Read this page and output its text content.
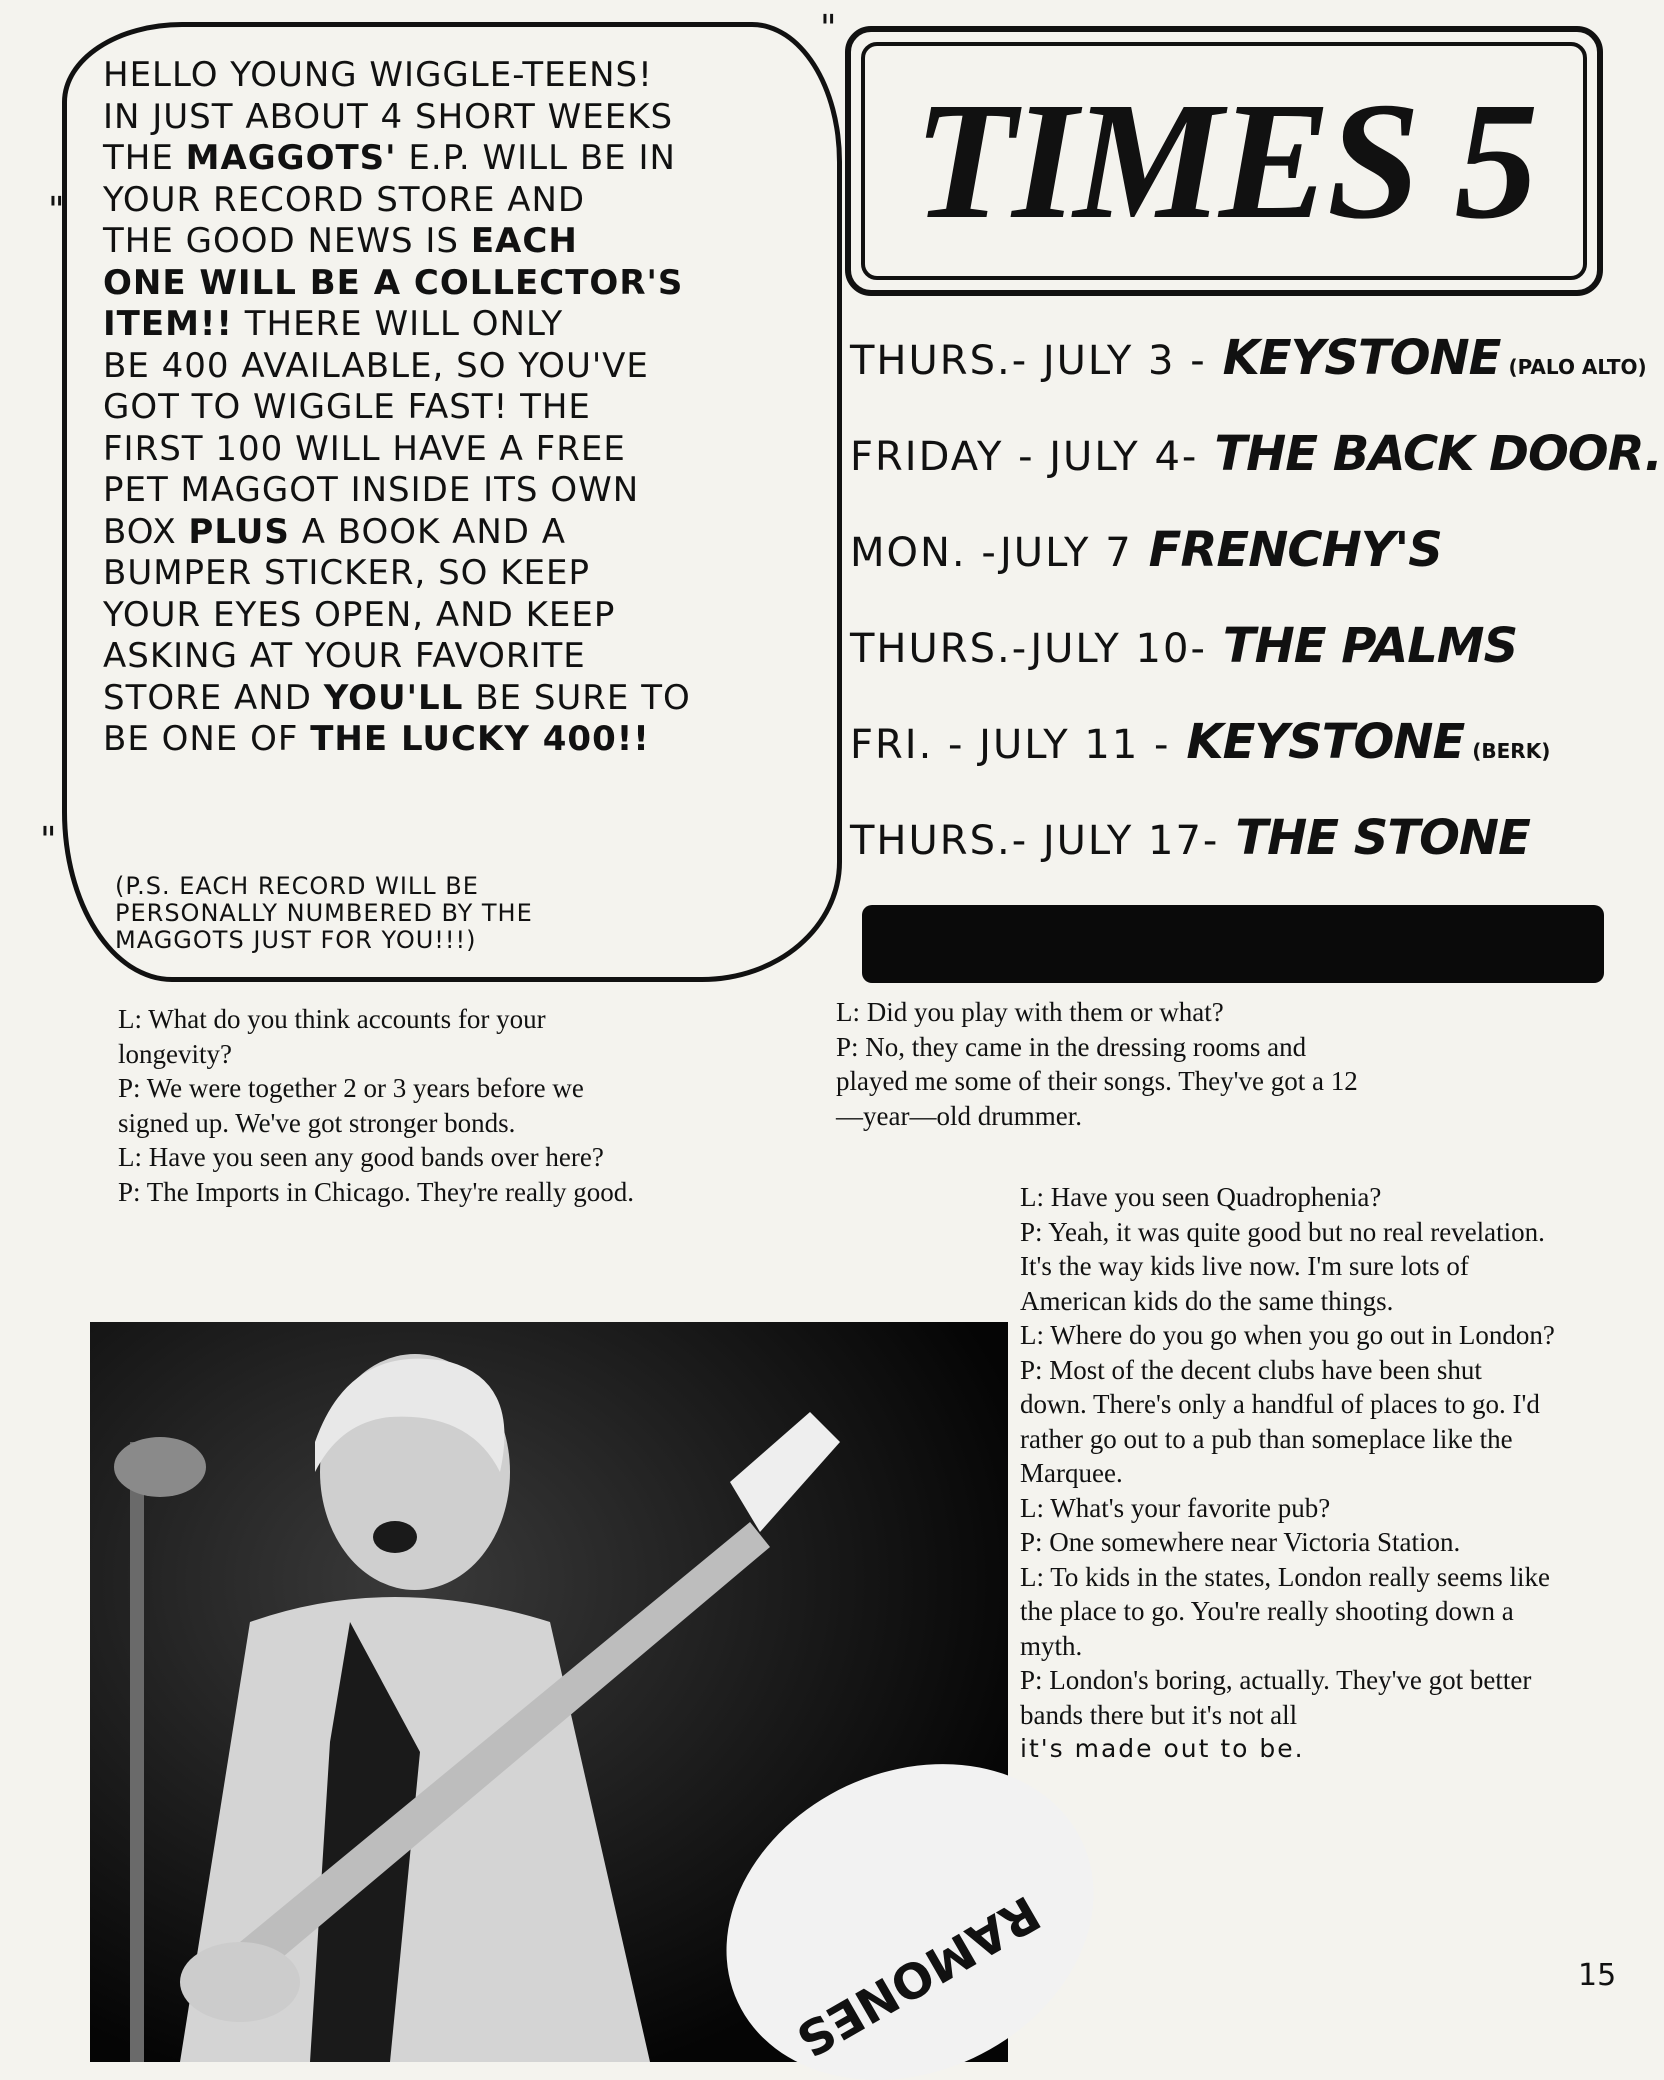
HELLO YOUNG WIGGLE-TEENS!
IN JUST ABOUT 4 SHORT WEEKS
THE MAGGOTS' E.P. WILL BE IN
YOUR RECORD STORE AND
THE GOOD NEWS IS EACH
ONE WILL BE A COLLECTOR'S
ITEM!! THERE WILL ONLY
BE 400 AVAILABLE, SO YOU'VE
GOT TO WIGGLE FAST! THE
FIRST 100 WILL HAVE A FREE
PET MAGGOT INSIDE ITS OWN
BOX PLUS A BOOK AND A
BUMPER STICKER, SO KEEP
YOUR EYES OPEN, AND KEEP
ASKING AT YOUR FAVORITE
STORE AND YOU'LL BE SURE TO
BE ONE OF THE LUCKY 400!!
(P.S. EACH RECORD WILL BE
PERSONALLY NUMBERED BY THE
MAGGOTS JUST FOR YOU!!!)
"
"
"
TIMES 5
THURS.- JULY 3 - KEYSTONE (PALO ALTO)
FRIDAY - JULY 4- THE BACK DOOR.
MON. -JULY 7 FRENCHY'S
THURS.-JULY 10- THE PALMS
FRI. - JULY 11 - KEYSTONE (BERK)
THURS.- JULY 17- THE STONE

L: What do you think accounts for your longevity?

P: We were together 2 or 3 years before we signed up. We've got stronger bonds.

L: Have you seen any good bands over here?

P: The Imports in Chicago. They're really good.

L: Did you play with them or what?

P: No, they came in the dressing rooms and played me some of their songs. They've got a 12—year—old drummer.

RAMONES

L: Have you seen Quadrophenia?

P: Yeah, it was quite good but no real revelation. It's the way kids live now. I'm sure lots of American kids do the same things.

L: Where do you go when you go out in London?

P: Most of the decent clubs have been shut down. There's only a handful of places to go. I'd rather go out to a pub than someplace like the Marquee.

L: What's your favorite pub?

P: One somewhere near Victoria Station.

L: To kids in the states, London really seems like the place to go. You're really shooting down a myth.

P: London's boring, actually. They've got better bands there but it's not all

it's made out to be.

15
